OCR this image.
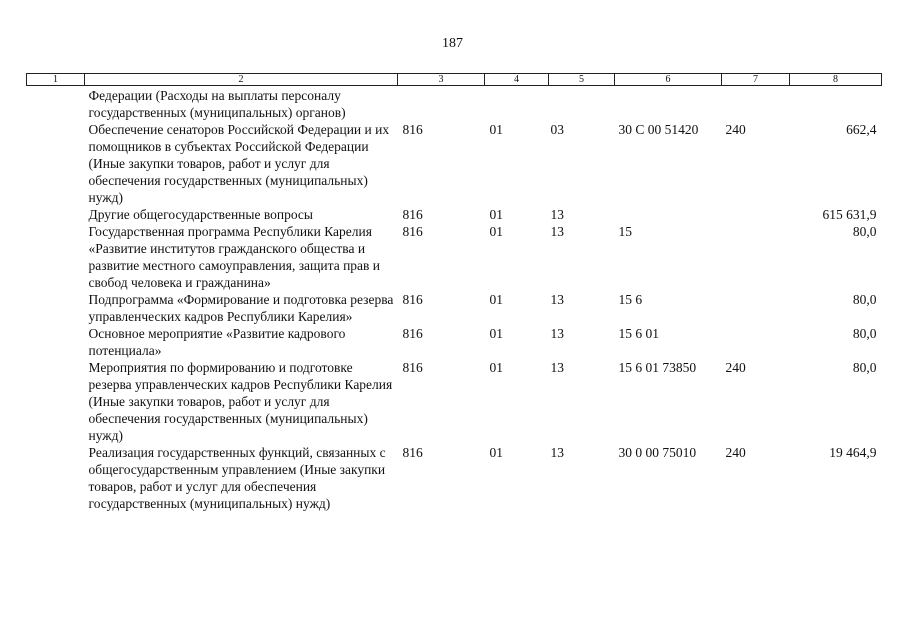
187
1	2	3	4	5	6	7	8
	Федерации (Расходы на выплаты персоналу государственных (муниципальных) органов)						
	Обеспечение сенаторов Российской Федерации и их помощников в субъектах Российской Федерации (Иные закупки товаров, работ и услуг для обеспечения государственных (муниципальных) нужд)	816	01	03	30 С 00 51420	240	662,4
	Другие общегосударственные вопросы	816	01	13			615 631,9
	Государственная программа Республики Карелия «Развитие институтов гражданского общества и развитие местного самоуправления, защита прав и свобод человека и гражданина»	816	01	13	15		80,0
	Подпрограмма «Формирование и подготовка резерва управленческих кадров Республики Карелия»	816	01	13	15 6		80,0
	Основное мероприятие «Развитие кадрового потенциала»	816	01	13	15 6 01		80,0
	Мероприятия по формированию и подготовке резерва управленческих кадров Республики Карелия (Иные закупки товаров, работ и услуг для обеспечения государственных (муниципальных) нужд)	816	01	13	15 6 01 73850	240	80,0
	Реализация государственных функций, связанных с общегосударственным управлением (Иные закупки товаров, работ и услуг для обеспечения государственных (муниципальных) нужд)	816	01	13	30 0 00 75010	240	19 464,9
